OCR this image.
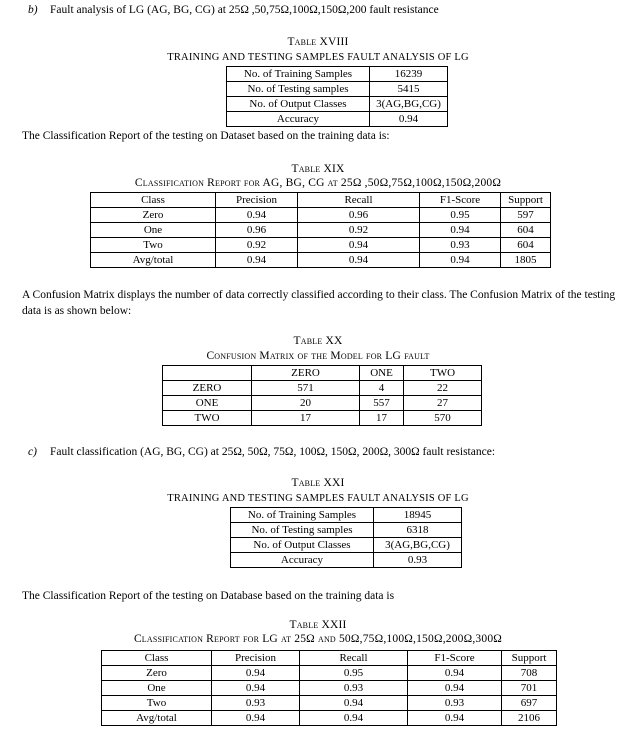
b) Fault analysis of LG (AG, BG, CG) at 25Ω ,50,75Ω,100Ω,150Ω,200 fault resistance
Table XVIII
TRAINING AND TESTING SAMPLES FAULT ANALYSIS OF LG
No. of Training Samples	16239
No. of Testing samples	5415
No. of Output Classes	3(AG,BG,CG)
Accuracy	0.94
The Classification Report of the testing on Dataset based on the training data is:
Table XIX
Classification Report for AG, BG, CG at 25Ω ,50Ω,75Ω,100Ω,150Ω,200Ω
Class	Precision	Recall	F1-Score	Support
Zero	0.94	0.96	0.95	597
One	0.96	0.92	0.94	604
Two	0.92	0.94	0.93	604
Avg/total	0.94	0.94	0.94	1805
A Confusion Matrix displays the number of data correctly classified according to their class. The Confusion Matrix of the testing data is as shown below:
Table XX
Confusion Matrix of the Model for LG fault
	ZERO	ONE	TWO
ZERO	571	4	22
ONE	20	557	27
TWO	17	17	570
c) Fault classification (AG, BG, CG) at 25Ω, 50Ω, 75Ω, 100Ω, 150Ω, 200Ω, 300Ω fault resistance:
Table XXI
TRAINING AND TESTING SAMPLES FAULT ANALYSIS OF LG
No. of Training Samples	18945
No. of Testing samples	6318
No. of Output Classes	3(AG,BG,CG)
Accuracy	0.93
The Classification Report of the testing on Database based on the training data is
Table XXII
Classification Report for LG at 25Ω and 50Ω,75Ω,100Ω,150Ω,200Ω,300Ω
Class	Precision	Recall	F1-Score	Support
Zero	0.94	0.95	0.94	708
One	0.94	0.93	0.94	701
Two	0.93	0.94	0.93	697
Avg/total	0.94	0.94	0.94	2106
